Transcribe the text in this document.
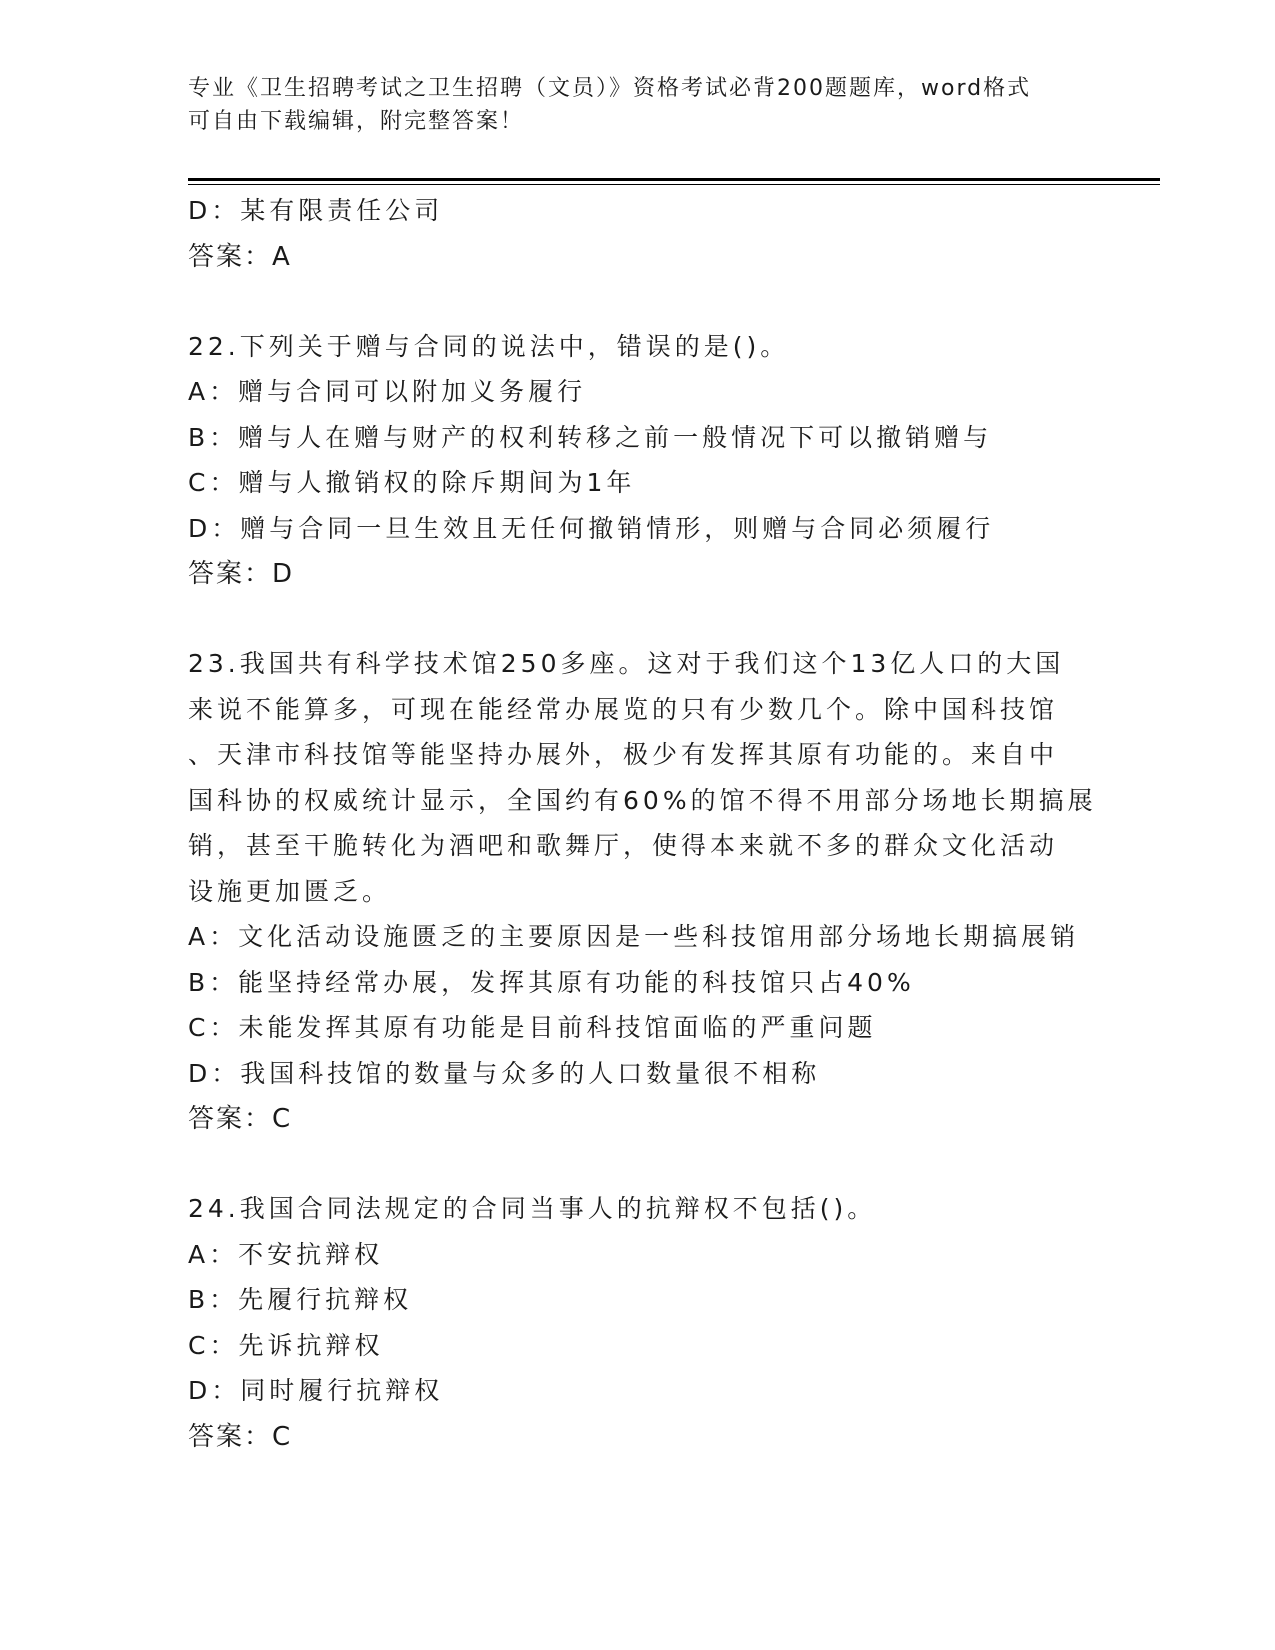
专业《卫生招聘考试之卫生招聘（文员）》资格考试必背200题题库，word格式
可自由下载编辑，附完整答案！
D：某有限责任公司
答案：A
22.下列关于赠与合同的说法中，错误的是()。
A：赠与合同可以附加义务履行
B：赠与人在赠与财产的权利转移之前一般情况下可以撤销赠与
C：赠与人撤销权的除斥期间为1年
D：赠与合同一旦生效且无任何撤销情形，则赠与合同必须履行
答案：D
23.我国共有科学技术馆250多座。这对于我们这个13亿人口的大国
来说不能算多，可现在能经常办展览的只有少数几个。除中国科技馆
、天津市科技馆等能坚持办展外，极少有发挥其原有功能的。来自中
国科协的权威统计显示，全国约有60%的馆不得不用部分场地长期搞展
销，甚至干脆转化为酒吧和歌舞厅，使得本来就不多的群众文化活动
设施更加匮乏。
A：文化活动设施匮乏的主要原因是一些科技馆用部分场地长期搞展销
B：能坚持经常办展，发挥其原有功能的科技馆只占40%
C：未能发挥其原有功能是目前科技馆面临的严重问题
D：我国科技馆的数量与众多的人口数量很不相称
答案：C
24.我国合同法规定的合同当事人的抗辩权不包括()。
A：不安抗辩权
B：先履行抗辩权
C：先诉抗辩权
D：同时履行抗辩权
答案：C
